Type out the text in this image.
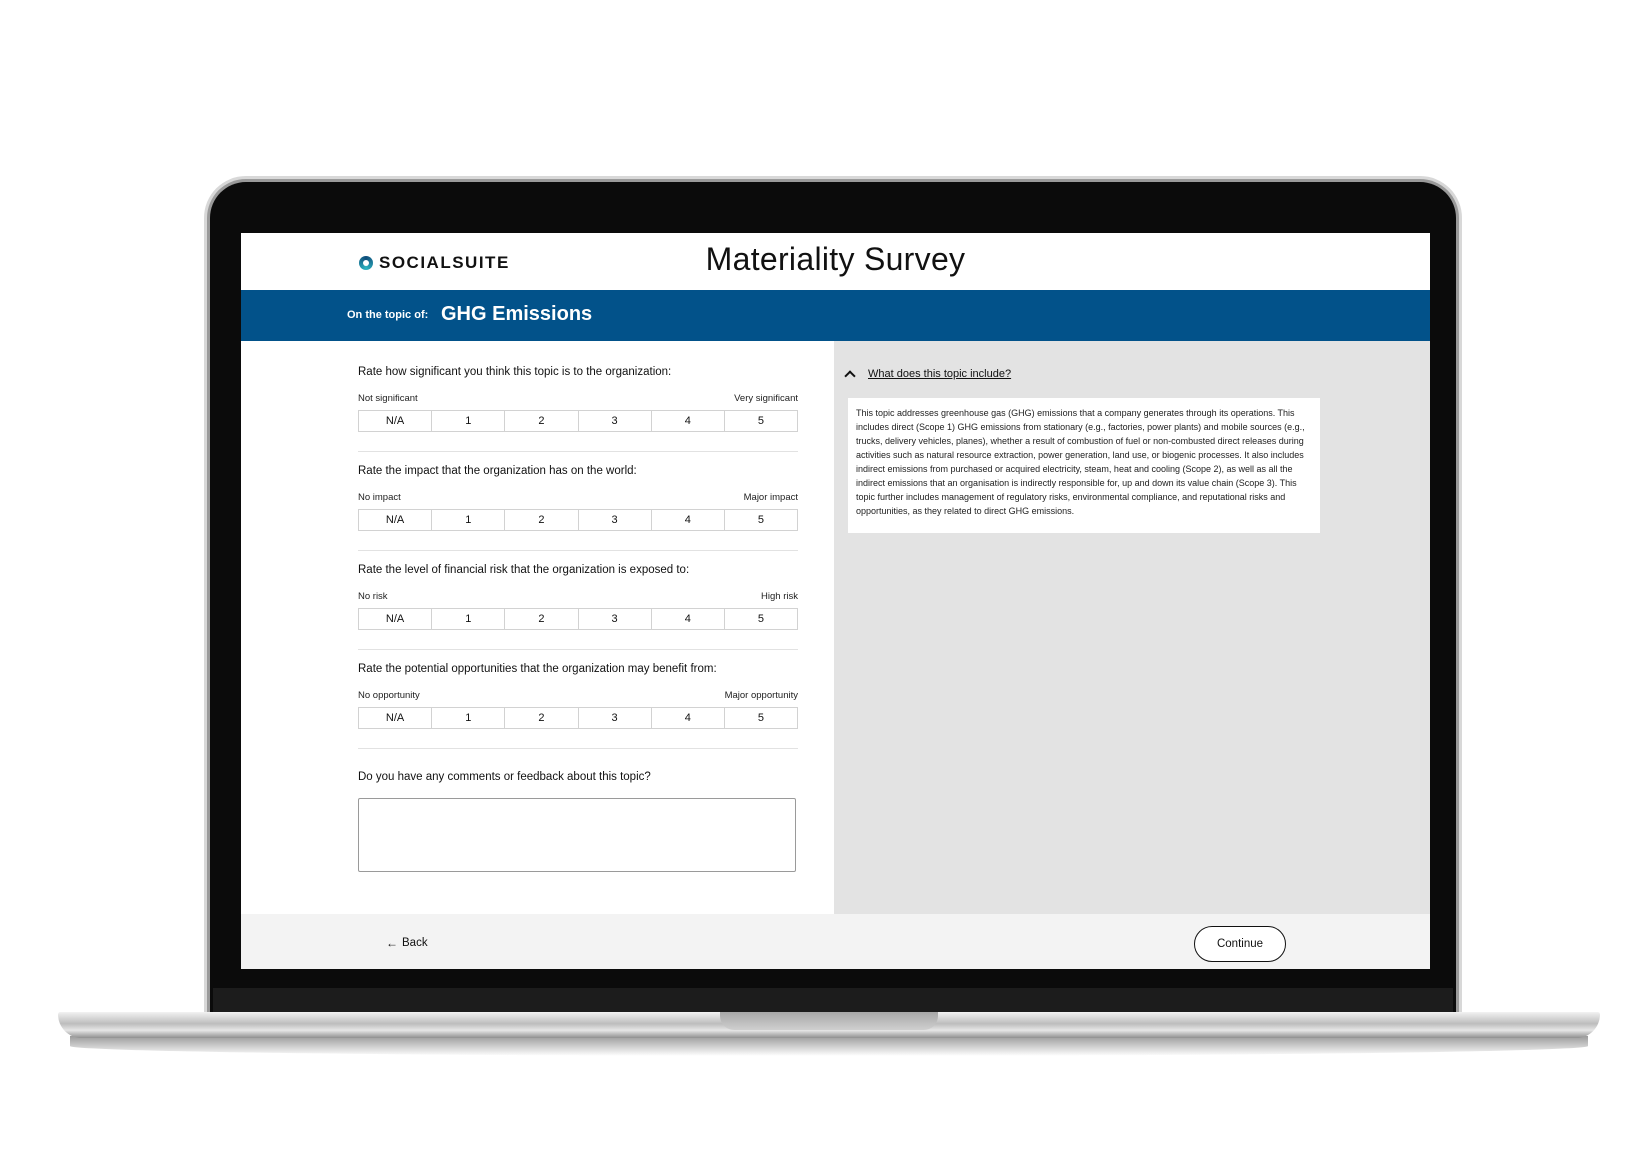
Materiality Survey
SOCIALSUITE
On the topic of: GHG Emissions
Rate how significant you think this topic is to the organization:
Not significant	Very significant
N/A	1	2	3	4	5
Rate the impact that the organization has on the world:
No impact	Major impact
N/A	1	2	3	4	5
Rate the level of financial risk that the organization is exposed to:
No risk	High risk
N/A	1	2	3	4	5
Rate the potential opportunities that the organization may benefit from:
No opportunity	Major opportunity
N/A	1	2	3	4	5
Do you have any comments or feedback about this topic?
What does this topic include?
This topic addresses greenhouse gas (GHG) emissions that a company generates through its operations. This includes direct (Scope 1) GHG emissions from stationary (e.g., factories, power plants) and mobile sources (e.g., trucks, delivery vehicles, planes), whether a result of combustion of fuel or non-combusted direct releases during activities such as natural resource extraction, power generation, land use, or biogenic processes. It also includes indirect emissions from purchased or acquired electricity, steam, heat and cooling (Scope 2), as well as all the indirect emissions that an organisation is indirectly responsible for, up and down its value chain (Scope 3). This topic further includes management of regulatory risks, environmental compliance, and reputational risks and opportunities, as they related to direct GHG emissions.
← Back	Continue
